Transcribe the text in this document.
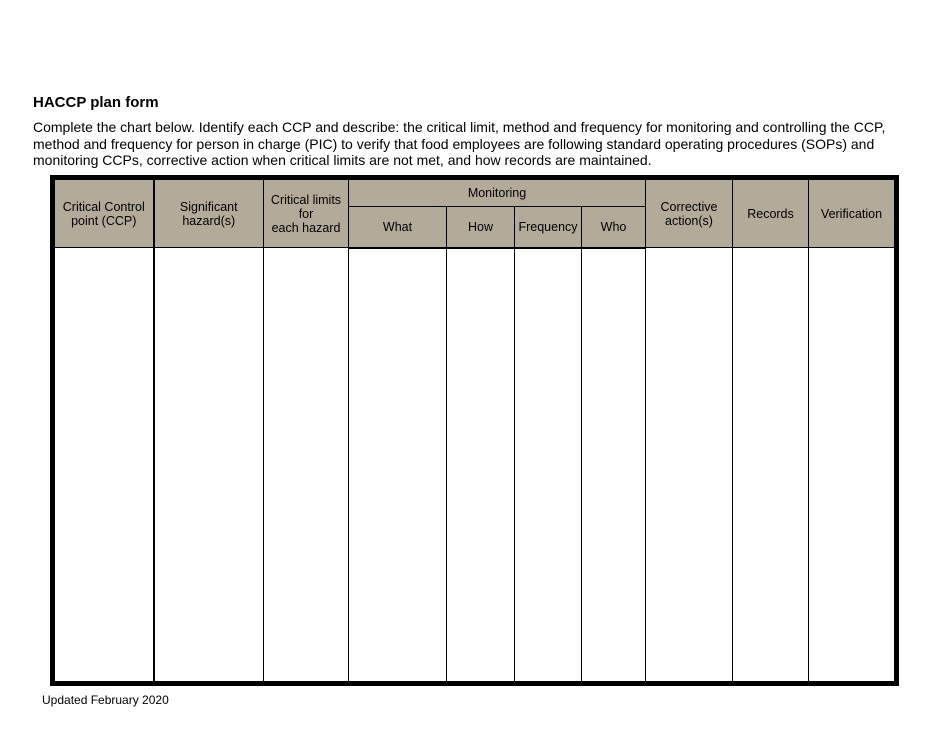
HACCP plan form

Complete the chart below. Identify each CCP and describe: the critical limit, method and frequency for monitoring and controlling the CCP, method and frequency for person in charge (PIC) to verify that food employees are following standard operating procedures (SOPs) and monitoring CCPs, corrective action when critical limits are not met, and how records are maintained.

Critical Control point (CCP)	Significant hazard(s)	Critical limits
for
each hazard	Monitoring				Corrective action(s)	Records	Verification
			What	How	Frequency	Who			

Updated February 2020
